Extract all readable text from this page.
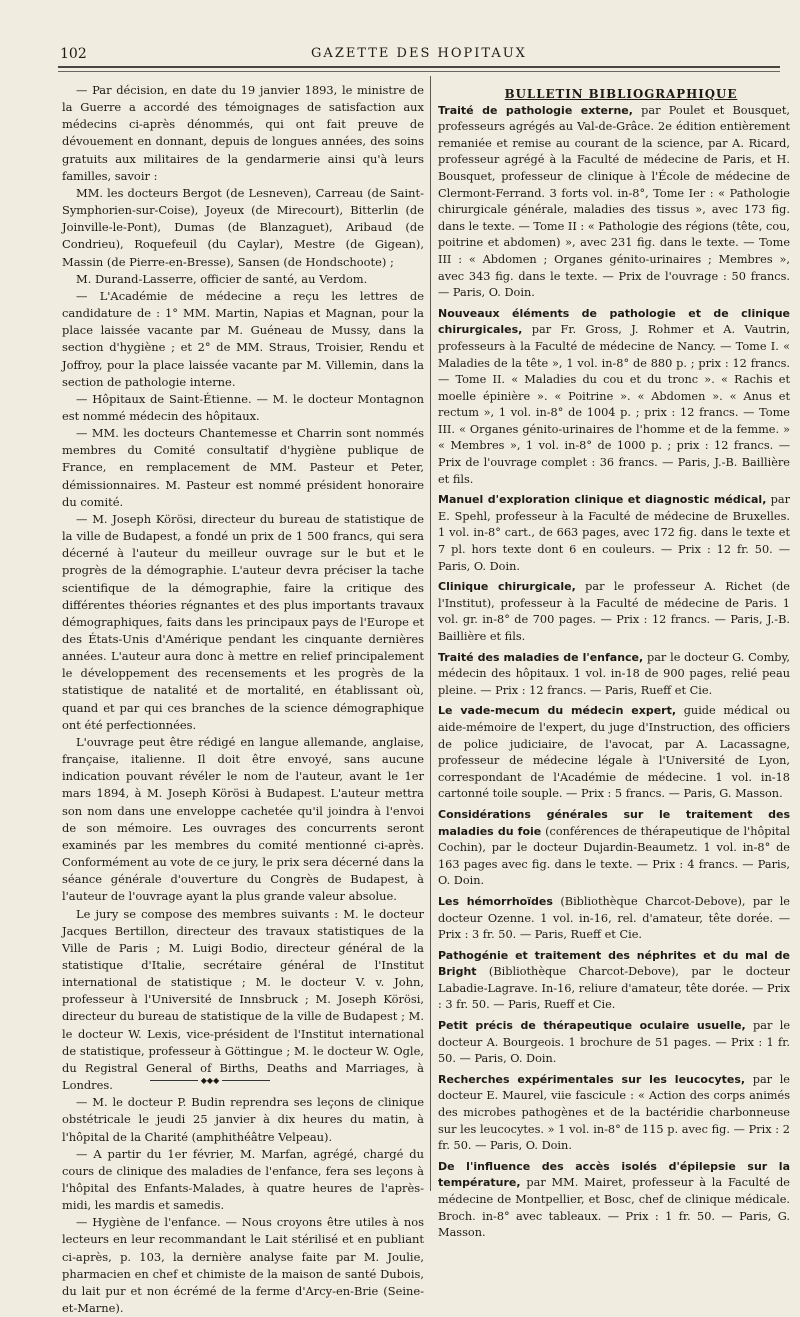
102	GAZETTE DES HOPITAUX

— Par décision, en date du 19 janvier 1893, le ministre de la Guerre a accordé des témoignages de satisfaction aux médecins ci-après dénommés, qui ont fait preuve de dévouement en donnant, depuis de longues années, des soins gratuits aux militaires de la gendarmerie ainsi qu'à leurs familles, savoir :

MM. les docteurs Bergot (de Lesneven), Carreau (de Saint-Symphorien-sur-Coise), Joyeux (de Mirecourt), Bitterlin (de Joinville-le-Pont), Dumas (de Blanzaguet), Aribaud (de Condrieu), Roquefeuil (du Caylar), Mestre (de Gigean), Massin (de Pierre-en-Bresse), Sansen (de Hondschoote) ;

M. Durand-Lasserre, officier de santé, au Verdom.

— L'Académie de médecine a reçu les lettres de candidature de : 1° MM. Martin, Napias et Magnan, pour la place laissée vacante par M. Guéneau de Mussy, dans la section d'hygiène ; et 2° de MM. Straus, Troisier, Rendu et Joffroy, pour la place laissée vacante par M. Villemin, dans la section de pathologie interne.

— Hôpitaux de Saint-Étienne. — M. le docteur Montagnon est nommé médecin des hôpitaux.

— MM. les docteurs Chantemesse et Charrin sont nommés membres du Comité consultatif d'hygiène publique de France, en remplacement de MM. Pasteur et Peter, démissionnaires. M. Pasteur est nommé président honoraire du comité.

— M. Joseph Körösi, directeur du bureau de statistique de la ville de Budapest, a fondé un prix de 1 500 francs, qui sera décerné à l'auteur du meilleur ouvrage sur le but et le progrès de la démographie. L'auteur devra préciser la tache scientifique de la démographie, faire la critique des différentes théories régnantes et des plus importants travaux démographiques, faits dans les principaux pays de l'Europe et des États-Unis d'Amérique pendant les cinquante dernières années. L'auteur aura donc à mettre en relief principalement le développement des recensements et les progrès de la statistique de natalité et de mortalité, en établissant où, quand et par qui ces branches de la science démographique ont été perfectionnées.

L'ouvrage peut être rédigé en langue allemande, anglaise, française, italienne. Il doit être envoyé, sans aucune indication pouvant révéler le nom de l'auteur, avant le 1er mars 1894, à M. Joseph Körösi à Budapest. L'auteur mettra son nom dans une enveloppe cachetée qu'il joindra à l'envoi de son mémoire. Les ouvrages des concurrents seront examinés par les membres du comité mentionné ci-après. Conformément au vote de ce jury, le prix sera décerné dans la séance générale d'ouverture du Congrès de Budapest, à l'auteur de l'ouvrage ayant la plus grande valeur absolue.

Le jury se compose des membres suivants : M. le docteur Jacques Bertillon, directeur des travaux statistiques de la Ville de Paris ; M. Luigi Bodio, directeur général de la statistique d'Italie, secrétaire général de l'Institut international de statistique ; M. le docteur V. v. John, professeur à l'Université de Innsbruck ; M. Joseph Körösi, directeur du bureau de statistique de la ville de Budapest ; M. le docteur W. Lexis, vice-président de l'Institut international de statistique, professeur à Göttingue ; M. le docteur W. Ogle, du Registral General of Births, Deaths and Marriages, à Londres.

— M. le docteur P. Budin reprendra ses leçons de clinique obstétricale le jeudi 25 janvier à dix heures du matin, à l'hôpital de la Charité (amphithéâtre Velpeau).

— A partir du 1er février, M. Marfan, agrégé, chargé du cours de clinique des maladies de l'enfance, fera ses leçons à l'hôpital des Enfants-Malades, à quatre heures de l'après-midi, les mardis et samedis.

— Hygiène de l'enfance. — Nous croyons être utiles à nos lecteurs en leur recommandant le Lait stérilisé et en publiant ci-après, p. 103, la dernière analyse faite par M. Joulie, pharmacien en chef et chimiste de la maison de santé Dubois, du lait pur et non écrémé de la ferme d'Arcy-en-Brie (Seine-et-Marne).

◆◆◆

BULLETIN BIBLIOGRAPHIQUE

Traité de pathologie externe, par Poulet et Bousquet, professeurs agrégés au Val-de-Grâce. 2e édition entièrement remaniée et remise au courant de la science, par A. Ricard, professeur agrégé à la Faculté de médecine de Paris, et H. Bousquet, professeur de clinique à l'École de médecine de Clermont-Ferrand. 3 forts vol. in-8°, Tome Ier : « Pathologie chirurgicale générale, maladies des tissus », avec 173 fig. dans le texte. — Tome II : « Pathologie des régions (tête, cou, poitrine et abdomen) », avec 231 fig. dans le texte. — Tome III : « Abdomen ; Organes génito-urinaires ; Membres », avec 343 fig. dans le texte. — Prix de l'ouvrage : 50 francs. — Paris, O. Doin.

Nouveaux éléments de pathologie et de clinique chirurgicales, par Fr. Gross, J. Rohmer et A. Vautrin, professeurs à la Faculté de médecine de Nancy. — Tome I. « Maladies de la tête », 1 vol. in-8° de 880 p. ; prix : 12 francs. — Tome II. « Maladies du cou et du tronc ». « Rachis et moelle épinière ». « Poitrine ». « Abdomen ». « Anus et rectum », 1 vol. in-8° de 1004 p. ; prix : 12 francs. — Tome III. « Organes génito-urinaires de l'homme et de la femme. » « Membres », 1 vol. in-8° de 1000 p. ; prix : 12 francs. — Prix de l'ouvrage complet : 36 francs. — Paris, J.-B. Baillière et fils.

Manuel d'exploration clinique et diagnostic médical, par E. Spehl, professeur à la Faculté de médecine de Bruxelles. 1 vol. in-8° cart., de 663 pages, avec 172 fig. dans le texte et 7 pl. hors texte dont 6 en couleurs. — Prix : 12 fr. 50. — Paris, O. Doin.

Clinique chirurgicale, par le professeur A. Richet (de l'Institut), professeur à la Faculté de médecine de Paris. 1 vol. gr. in-8° de 700 pages. — Prix : 12 francs. — Paris, J.-B. Baillière et fils.

Traité des maladies de l'enfance, par le docteur G. Comby, médecin des hôpitaux. 1 vol. in-18 de 900 pages, relié peau pleine. — Prix : 12 francs. — Paris, Rueff et Cie.

Le vade-mecum du médecin expert, guide médical ou aide-mémoire de l'expert, du juge d'Instruction, des officiers de police judiciaire, de l'avocat, par A. Lacassagne, professeur de médecine légale à l'Université de Lyon, correspondant de l'Académie de médecine. 1 vol. in-18 cartonné toile souple. — Prix : 5 francs. — Paris, G. Masson.

Considérations générales sur le traitement des maladies du foie (conférences de thérapeutique de l'hôpital Cochin), par le docteur Dujardin-Beaumetz. 1 vol. in-8° de 163 pages avec fig. dans le texte. — Prix : 4 francs. — Paris, O. Doin.

Les hémorrhoïdes (Bibliothèque Charcot-Debove), par le docteur Ozenne. 1 vol. in-16, rel. d'amateur, tête dorée. — Prix : 3 fr. 50. — Paris, Rueff et Cie.

Pathogénie et traitement des néphrites et du mal de Bright (Bibliothèque Charcot-Debove), par le docteur Labadie-Lagrave. In-16, reliure d'amateur, tête dorée. — Prix : 3 fr. 50. — Paris, Rueff et Cie.

Petit précis de thérapeutique oculaire usuelle, par le docteur A. Bourgeois. 1 brochure de 51 pages. — Prix : 1 fr. 50. — Paris, O. Doin.

Recherches expérimentales sur les leucocytes, par le docteur E. Maurel, viie fascicule : « Action des corps animés des microbes pathogènes et de la bactéridie charbonneuse sur les leucocytes. » 1 vol. in-8° de 115 p. avec fig. — Prix : 2 fr. 50. — Paris, O. Doin.

De l'influence des accès isolés d'épilepsie sur la température, par MM. Mairet, professeur à la Faculté de médecine de Montpellier, et Bosc, chef de clinique médicale. Broch. in-8° avec tableaux. — Prix : 1 fr. 50. — Paris, G. Masson.
